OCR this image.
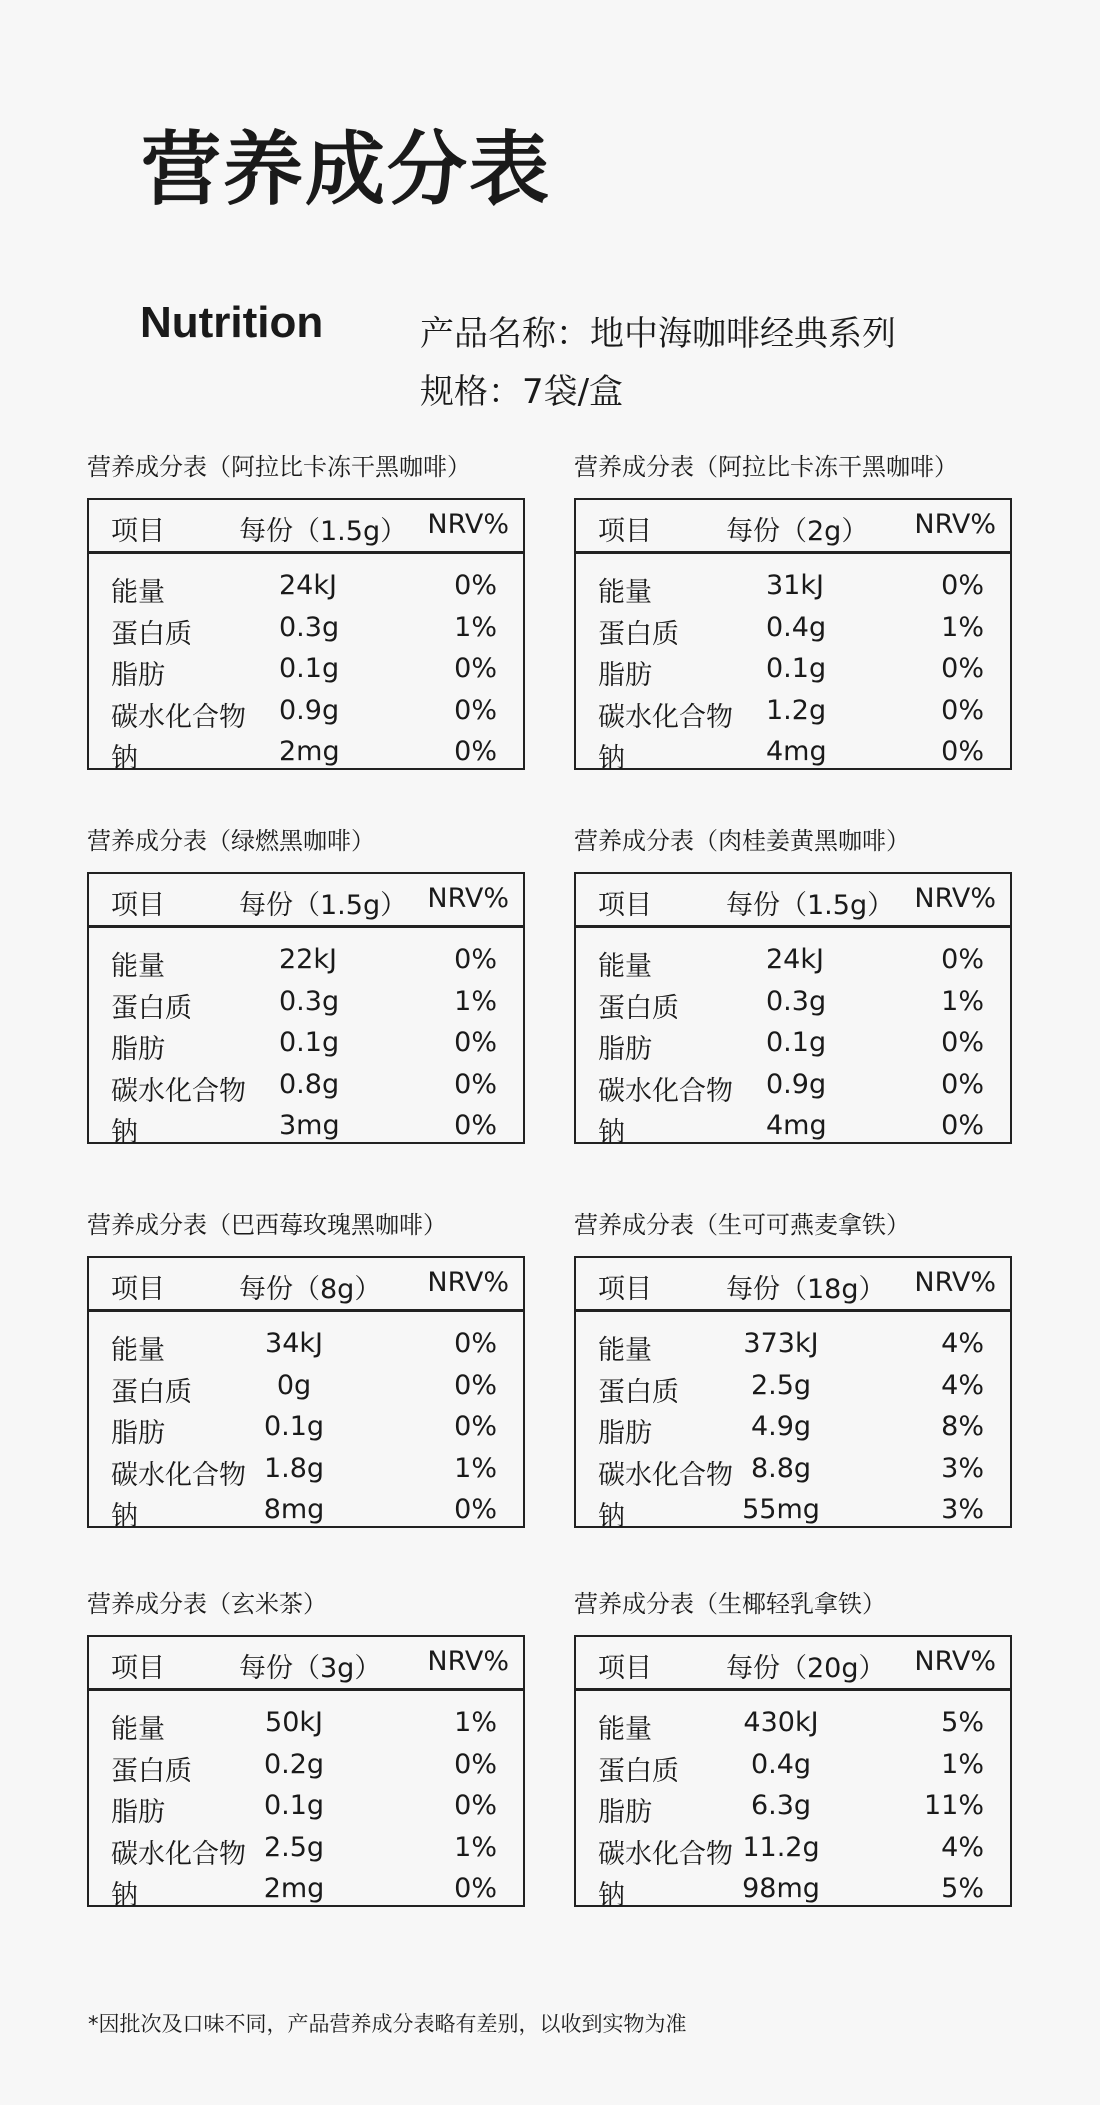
营养成分表
Nutrition	产品名称：地中海咖啡经典系列
规格：7袋/盒
营养成分表（阿拉比卡冻干黑咖啡）
项目	每份（1.5g） NRV%
能量	24kJ	0%
蛋白质	0.3g	1%
脂肪	0.1g	0%
碳水化合物 0.9g	0%
钠	2mg	0%
营养成分表（阿拉比卡冻干黑咖啡）
项目	每份（2g） NRV%
能量	31kJ	0%
蛋白质	0.4g	1%
脂肪	0.1g	0%
碳水化合物 1.2g	0%
钠	4mg	0%
营养成分表（绿燃黑咖啡）
项目	每份（1.5g） NRV%
能量	22kJ	0%
蛋白质	0.3g	1%
脂肪	0.1g	0%
碳水化合物 0.8g	0%
钠	3mg	0%
营养成分表（肉桂姜黄黑咖啡）
项目	每份（1.5g） NRV%
能量	24kJ	0%
蛋白质	0.3g	1%
脂肪	0.1g	0%
碳水化合物 0.9g	0%
钠	4mg	0%
营养成分表（巴西莓玫瑰黑咖啡）
项目	每份（8g） NRV%
能量	34kJ	0%
蛋白质	0g	0%
脂肪	0.1g	0%
碳水化合物 1.8g	1%
钠	8mg	0%
营养成分表（生可可燕麦拿铁）
项目	每份（18g） NRV%
能量	373kJ	4%
蛋白质	2.5g	4%
脂肪	4.9g	8%
碳水化合物 8.8g	3%
钠	55mg	3%
营养成分表（玄米茶）
项目	每份（3g） NRV%
能量	50kJ	1%
蛋白质	0.2g	0%
脂肪	0.1g	0%
碳水化合物 2.5g	1%
钠	2mg	0%
营养成分表（生椰轻乳拿铁）
项目	每份（20g） NRV%
能量	430kJ	5%
蛋白质	0.4g	1%
脂肪	6.3g	11%
碳水化合物 11.2g	4%
钠	98mg	5%
*因批次及口味不同，产品营养成分表略有差别，以收到实物为准
